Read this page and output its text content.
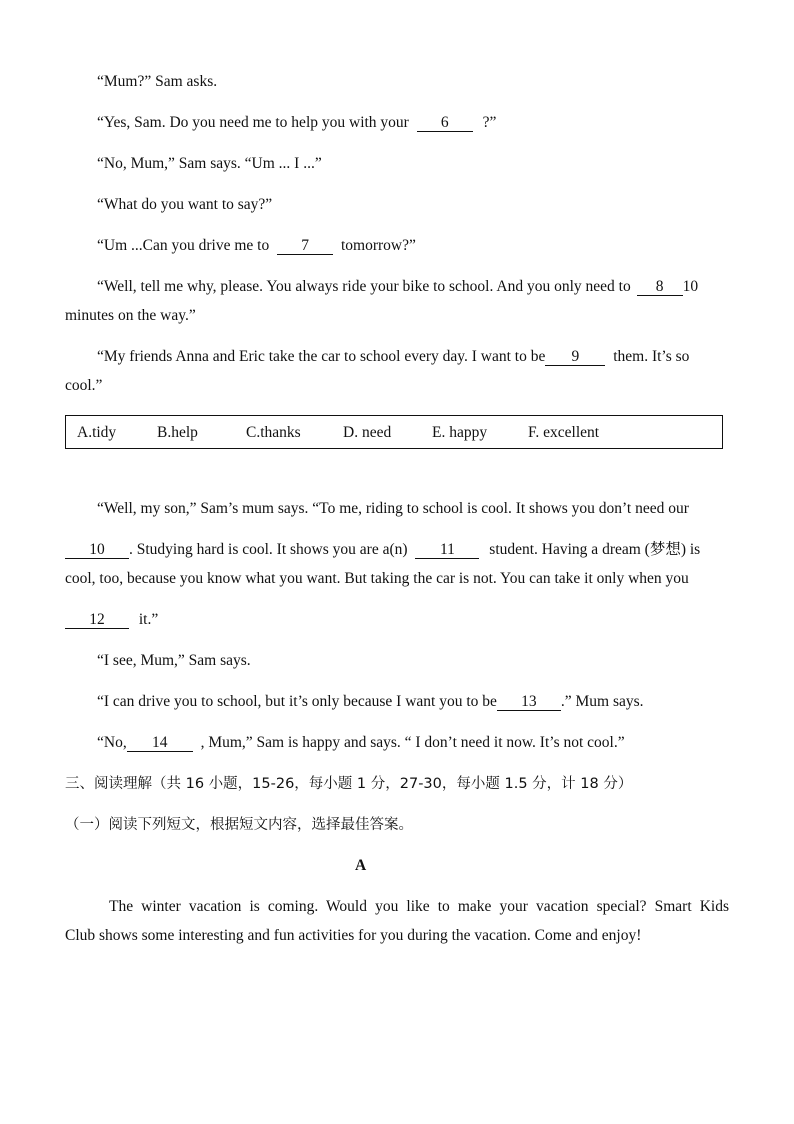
“Mum?” Sam asks.
“Yes, Sam. Do you need me to help you with your 6 ?”
“No, Mum,” Sam says. “Um ... I ...”
“What do you want to say?”
“Um ...Can you drive me to 7 tomorrow?”
“Well, tell me why, please. You always ride your bike to school. And you only need to 8 10
minutes on the way.”
“My friends Anna and Eric take the car to school every day. I want to be 9 them. It’s so
cool.”
A.tidy	B.help	C.thanks	D. need	E. happy	F. excellent
“Well, my son,” Sam’s mum says. “To me, riding to school is cool. It shows you don’t need our
10 . Studying hard is cool. It shows you are a(n) 11 student. Having a dream (梦想) is
cool, too, because you know what you want. But taking the car is not. You can take it only when you
12 it.”
“I see, Mum,” Sam says.
“I can drive you to school, but it’s only because I want you to be 13 .” Mum says.
“No, 14 , Mum,” Sam is happy and says. “ I don’t need it now. It’s not cool.”
三、阅读理解（共 16 小题，15-26，每小题 1 分，27-30，每小题 1.5 分，计 18 分）
（一）阅读下列短文，根据短文内容，选择最佳答案。
A
The winter vacation is coming. Would you like to make your vacation special? Smart Kids
Club shows some interesting and fun activities for you during the vacation. Come and enjoy!
